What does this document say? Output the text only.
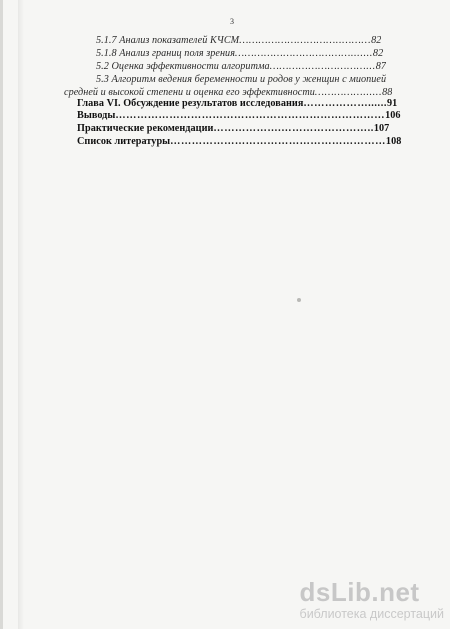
3
5.1.7 Анализ показателей КЧСМ…………………………..………82
5.1.8 Анализ границ поля зрения……………………………….......82
5.2 Оценка эффективности алгоритма…………………………...87
5.3 Алгоритм ведения беременности и родов у женщин с миопией
средней и высокой степени и оценка его эффективности……………......88
Глава VI. Обсуждение результатов исследования………………......91
Выводы…………………………………………………………………106
Практические рекомендации……………….……………………..107
Список литературы……………………………………………………108
dsLib.net
библиотека диссертаций
